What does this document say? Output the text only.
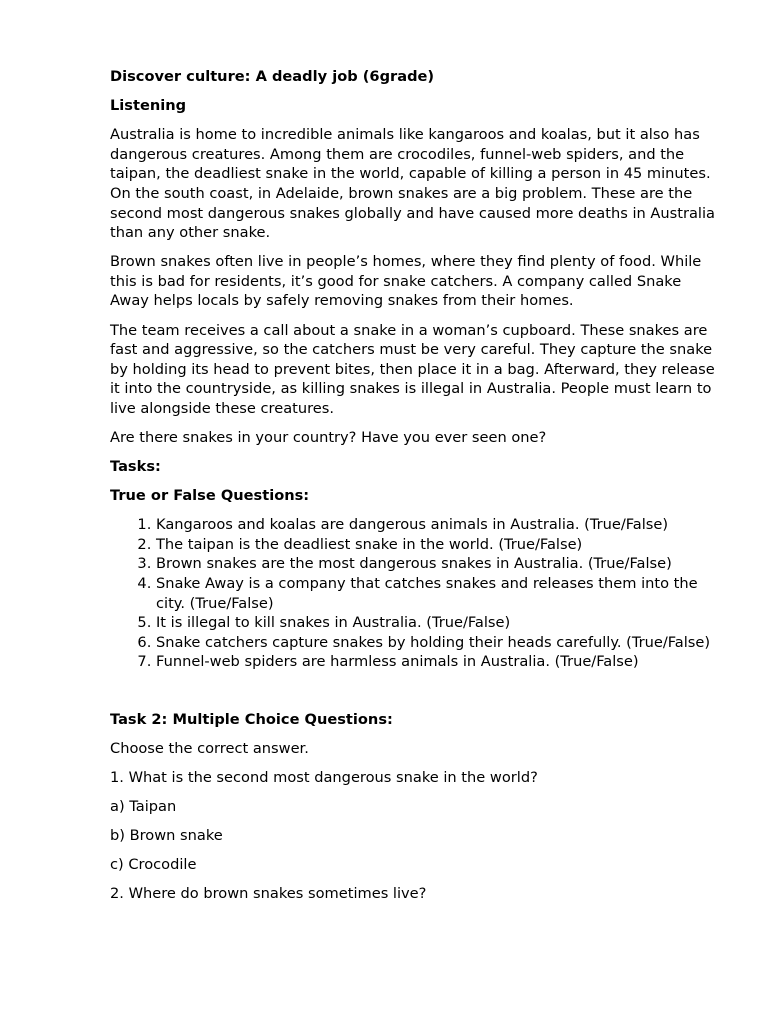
Discover culture: A deadly job (6grade)

Listening

Australia is home to incredible animals like kangaroos and koalas, but it also has dangerous creatures. Among them are crocodiles, funnel-web spiders, and the taipan, the deadliest snake in the world, capable of killing a person in 45 minutes. On the south coast, in Adelaide, brown snakes are a big problem. These are the second most dangerous snakes globally and have caused more deaths in Australia than any other snake.

Brown snakes often live in people’s homes, where they find plenty of food. While this is bad for residents, it’s good for snake catchers. A company called Snake Away helps locals by safely removing snakes from their homes.

The team receives a call about a snake in a woman’s cupboard. These snakes are fast and aggressive, so the catchers must be very careful. They capture the snake by holding its head to prevent bites, then place it in a bag. Afterward, they release it into the countryside, as killing snakes is illegal in Australia. People must learn to live alongside these creatures.

Are there snakes in your country? Have you ever seen one?

Tasks:

True or False Questions:

1. Kangaroos and koalas are dangerous animals in Australia. (True/False)
2. The taipan is the deadliest snake in the world. (True/False)
3. Brown snakes are the most dangerous snakes in Australia. (True/False)
4. Snake Away is a company that catches snakes and releases them into the city. (True/False)
5. It is illegal to kill snakes in Australia. (True/False)
6. Snake catchers capture snakes by holding their heads carefully. (True/False)
7. Funnel-web spiders are harmless animals in Australia. (True/False)

Task 2: Multiple Choice Questions:

Choose the correct answer.

1. What is the second most dangerous snake in the world?

a) Taipan

b) Brown snake

c) Crocodile

2. Where do brown snakes sometimes live?
